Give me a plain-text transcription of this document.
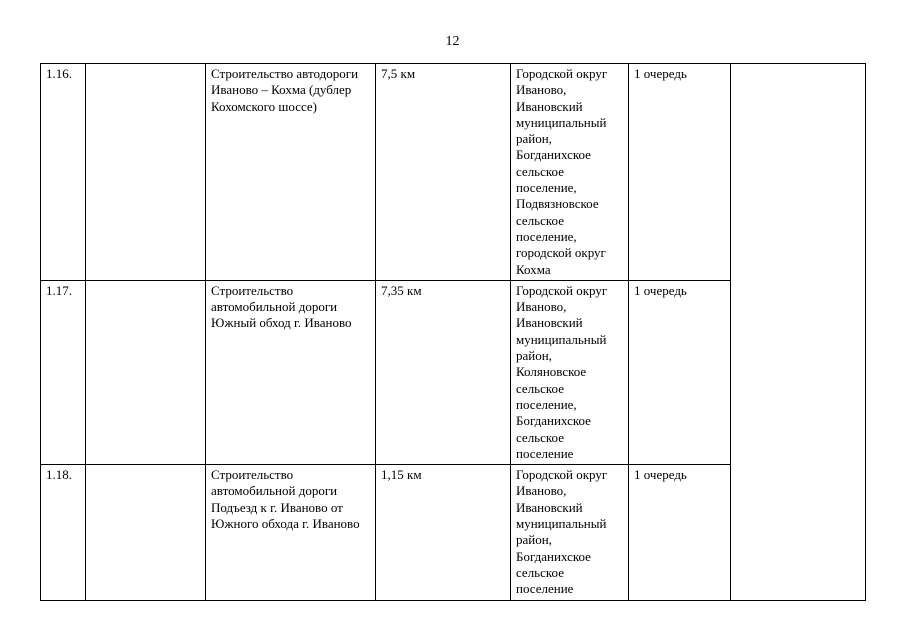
12
1.16.		Строительство автодороги Иваново – Кохма (дублер Кохомского шоссе)	7,5 км	Городской округ Иваново, Ивановский муниципальный район, Богданихское сельское поселение, Подвязновское сельское поселение, городской округ Кохма	1 очередь	
1.17.		Строительство автомобильной дороги Южный обход г. Иваново	7,35 км	Городской округ Иваново, Ивановский муниципальный район, Коляновское сельское поселение, Богданихское сельское поселение	1 очередь	
1.18.		Строительство автомобильной дороги Подъезд к г. Иваново от Южного обхода г. Иваново	1,15 км	Городской округ Иваново, Ивановский муниципальный район, Богданихское сельское поселение	1 очередь	
